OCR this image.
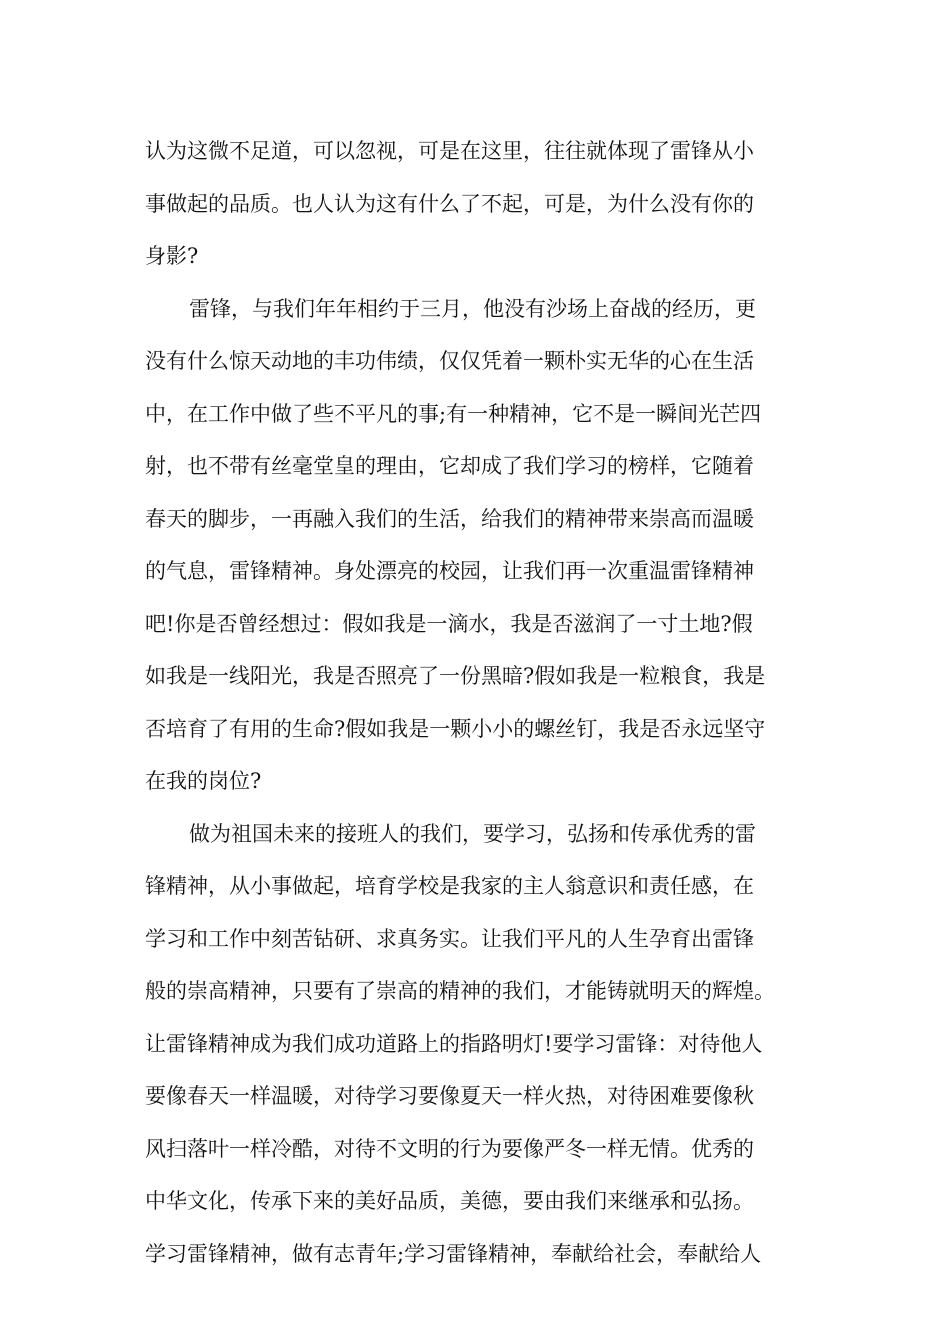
认为这微不足道，可以忽视，可是在这里，往往就体现了雷锋从小
事做起的品质。也人认为这有什么了不起，可是，为什么没有你的
身影?
雷锋，与我们年年相约于三月，他没有沙场上奋战的经历，更
没有什么惊天动地的丰功伟绩，仅仅凭着一颗朴实无华的心在生活
中，在工作中做了些不平凡的事;有一种精神，它不是一瞬间光芒四
射，也不带有丝毫堂皇的理由，它却成了我们学习的榜样，它随着
春天的脚步，一再融入我们的生活，给我们的精神带来崇高而温暖
的气息，雷锋精神。身处漂亮的校园，让我们再一次重温雷锋精神
吧!你是否曾经想过：假如我是一滴水，我是否滋润了一寸土地?假
如我是一线阳光，我是否照亮了一份黑暗?假如我是一粒粮食，我是
否培育了有用的生命?假如我是一颗小小的螺丝钉，我是否永远坚守
在我的岗位?
做为祖国未来的接班人的我们，要学习，弘扬和传承优秀的雷
锋精神，从小事做起，培育学校是我家的主人翁意识和责任感，在
学习和工作中刻苦钻研、求真务实。让我们平凡的人生孕育出雷锋
般的崇高精神，只要有了崇高的精神的我们，才能铸就明天的辉煌。
让雷锋精神成为我们成功道路上的指路明灯!要学习雷锋：对待他人
要像春天一样温暖，对待学习要像夏天一样火热，对待困难要像秋
风扫落叶一样冷酷，对待不文明的行为要像严冬一样无情。优秀的
中华文化，传承下来的美好品质，美德，要由我们来继承和弘扬。
学习雷锋精神，做有志青年;学习雷锋精神，奉献给社会，奉献给人
